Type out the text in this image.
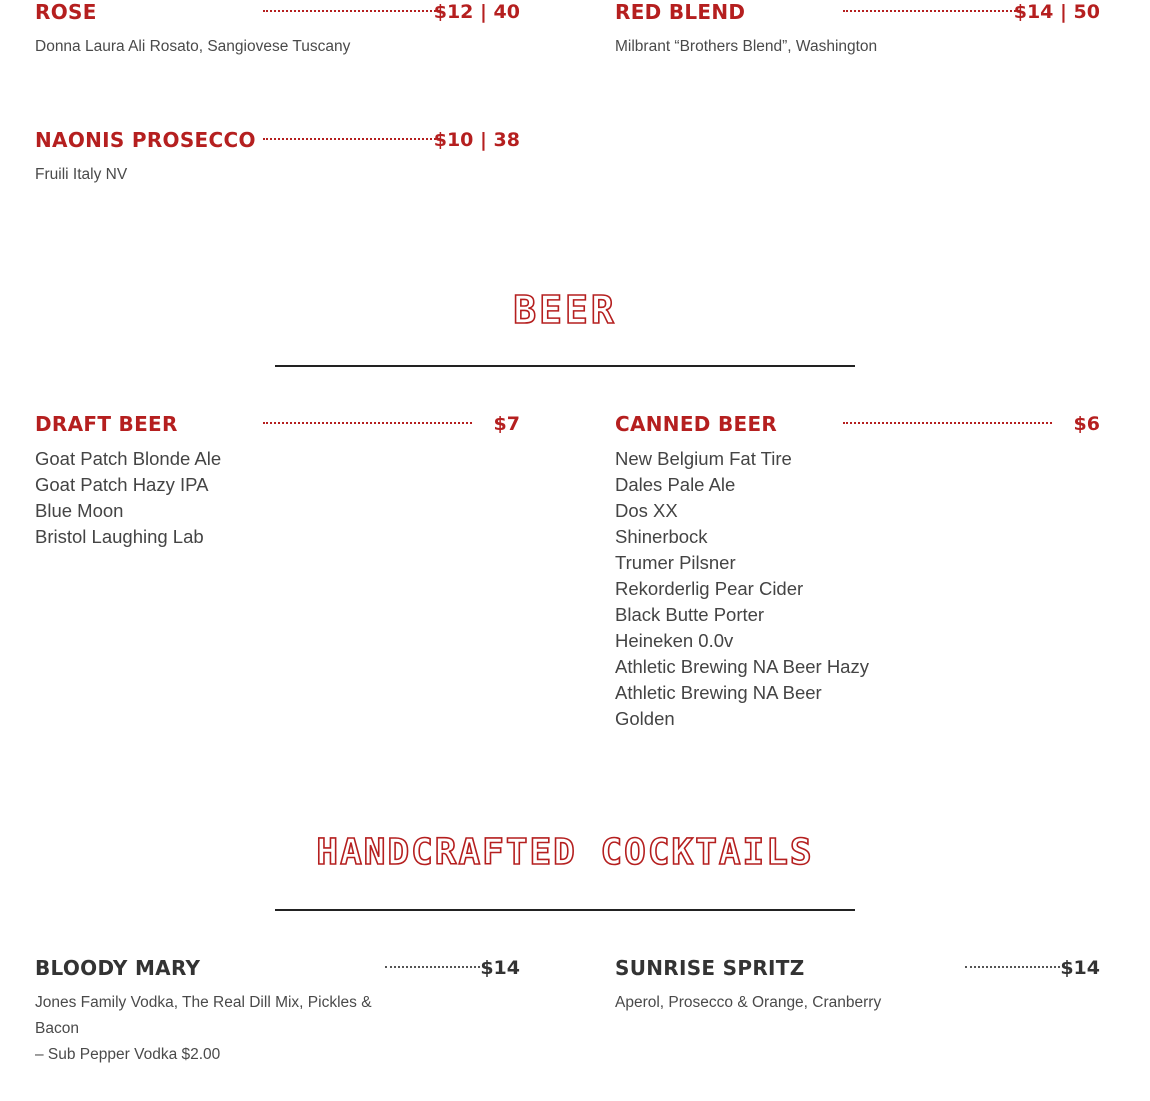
ROSE	$12 | 40
Donna Laura Ali Rosato, Sangiovese Tuscany
RED BLEND	$14 | 50
Milbrant “Brothers Blend”, Washington
NAONIS PROSECCO	$10 | 38
Fruili Italy NV
BEER
DRAFT BEER	$7
Goat Patch Blonde Ale
Goat Patch Hazy IPA
Blue Moon
Bristol Laughing Lab
CANNED BEER	$6
New Belgium Fat Tire
Dales Pale Ale
Dos XX
Shinerbock
Trumer Pilsner
Rekorderlig Pear Cider
Black Butte Porter
Heineken 0.0v
Athletic Brewing NA Beer Hazy
Athletic Brewing NA Beer
Golden
HANDCRAFTED COCKTAILS
BLOODY MARY	$14
Jones Family Vodka, The Real Dill Mix, Pickles &
Bacon
– Sub Pepper Vodka $2.00
SUNRISE SPRITZ	$14
Aperol, Prosecco & Orange, Cranberry
